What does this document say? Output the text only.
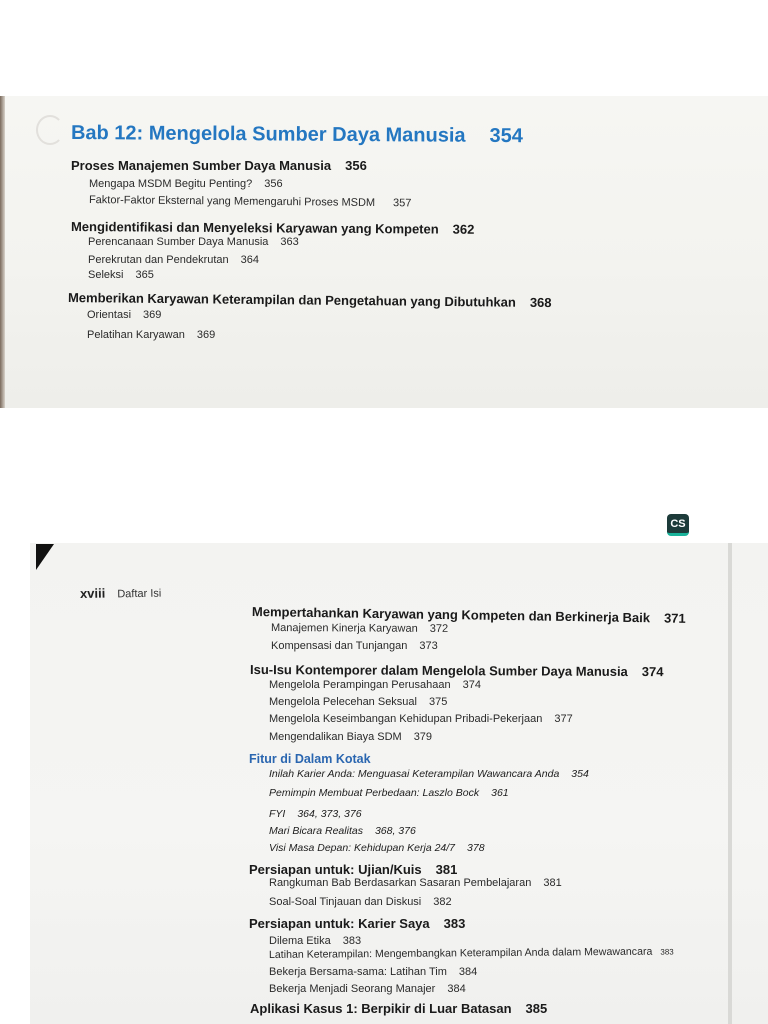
CS
Bab 12: Mengelola Sumber Daya Manusia 354
Proses Manajemen Sumber Daya Manusia 356
Mengapa MSDM Begitu Penting? 356
Faktor-Faktor Eksternal yang Memengaruhi Proses MSDM 357
Mengidentifikasi dan Menyeleksi Karyawan yang Kompeten 362
Perencanaan Sumber Daya Manusia 363
Perekrutan dan Pendekrutan 364
Seleksi 365
Memberikan Karyawan Keterampilan dan Pengetahuan yang Dibutuhkan 368
Orientasi 369
Pelatihan Karyawan 369
xviii Daftar Isi
Mempertahankan Karyawan yang Kompeten dan Berkinerja Baik 371
Manajemen Kinerja Karyawan 372
Kompensasi dan Tunjangan 373
Isu-Isu Kontemporer dalam Mengelola Sumber Daya Manusia 374
Mengelola Perampingan Perusahaan 374
Mengelola Pelecehan Seksual 375
Mengelola Keseimbangan Kehidupan Pribadi-Pekerjaan 377
Mengendalikan Biaya SDM 379
Fitur di Dalam Kotak
Inilah Karier Anda: Menguasai Keterampilan Wawancara Anda 354
Pemimpin Membuat Perbedaan: Laszlo Bock 361
FYI 364, 373, 376
Mari Bicara Realitas 368, 376
Visi Masa Depan: Kehidupan Kerja 24/7 378
Persiapan untuk: Ujian/Kuis 381
Rangkuman Bab Berdasarkan Sasaran Pembelajaran 381
Soal-Soal Tinjauan dan Diskusi 382
Persiapan untuk: Karier Saya 383
Dilema Etika 383
Latihan Keterampilan: Mengembangkan Keterampilan Anda dalam Mewawancara 383
Bekerja Bersama-sama: Latihan Tim 384
Bekerja Menjadi Seorang Manajer 384
Aplikasi Kasus 1: Berpikir di Luar Batasan 385
